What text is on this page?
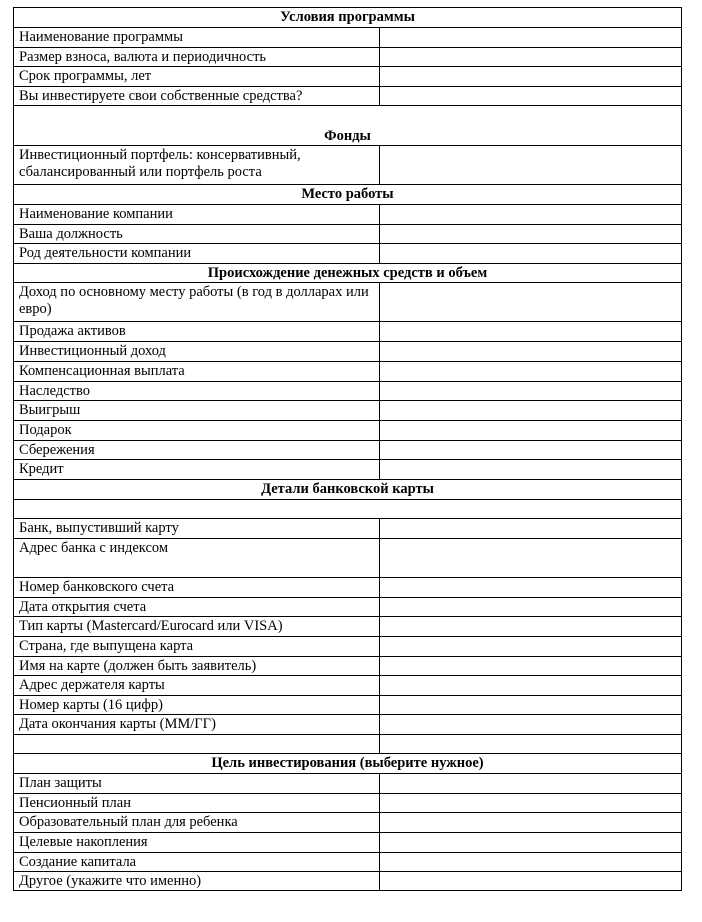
Условия программы	
Наименование программы	
Размер взноса, валюта и периодичность	
Срок программы, лет	
Вы инвестируете свои собственные средства?	
Фонды	
Инвестиционный портфель: консервативный, сбалансированный или портфель роста	
Место работы	
Наименование компании	
Ваша должность	
Род деятельности компании	
Происхождение денежных средств и объем	
Доход по основному месту работы (в год в долларах или евро)	
Продажа активов	
Инвестиционный доход	
Компенсационная выплата	
Наследство	
Выигрыш	
Подарок	
Сбережения	
Кредит	
Детали банковской карты	

Банк, выпустивший карту	
Адрес банка с индексом	
Номер банковского счета	
Дата открытия счета	
Тип карты (Mastercard/Eurocard или VISA)	
Страна, где выпущена карта	
Имя на карте (должен быть заявитель)	
Адрес держателя карты	
Номер карты (16 цифр)	
Дата окончания карты (ММ/ГГ)	

Цель инвестирования (выберите нужное)	
План защиты	
Пенсионный план	
Образовательный план для ребенка	
Целевые накопления	
Создание капитала	
Другое (укажите что именно)	
